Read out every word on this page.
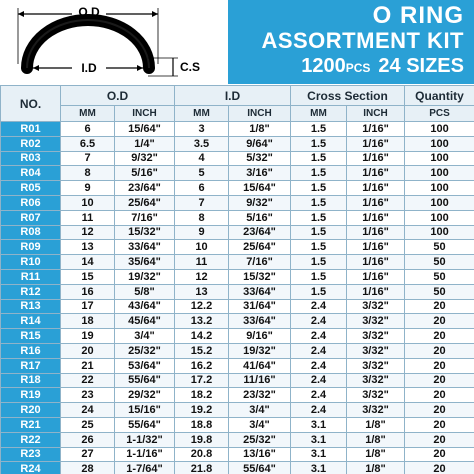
O.D
I.D	C.S
O RING
ASSORTMENT KIT
1200PCS 24 SIZES
NO.	O.D		I.D		Cross Section		Quantity
	MM	INCH	MM	INCH	MM	INCH	PCS
R01	6	15/64"	3	1/8"	1.5	1/16"	100
R02	6.5	1/4"	3.5	9/64"	1.5	1/16"	100
R03	7	9/32"	4	5/32"	1.5	1/16"	100
R04	8	5/16"	5	3/16"	1.5	1/16"	100
R05	9	23/64"	6	15/64"	1.5	1/16"	100
R06	10	25/64"	7	9/32"	1.5	1/16"	100
R07	11	7/16"	8	5/16"	1.5	1/16"	100
R08	12	15/32"	9	23/64"	1.5	1/16"	100
R09	13	33/64"	10	25/64"	1.5	1/16"	50
R10	14	35/64"	11	7/16"	1.5	1/16"	50
R11	15	19/32"	12	15/32"	1.5	1/16"	50
R12	16	5/8"	13	33/64"	1.5	1/16"	50
R13	17	43/64"	12.2	31/64"	2.4	3/32"	20
R14	18	45/64"	13.2	33/64"	2.4	3/32"	20
R15	19	3/4"	14.2	9/16"	2.4	3/32"	20
R16	20	25/32"	15.2	19/32"	2.4	3/32"	20
R17	21	53/64"	16.2	41/64"	2.4	3/32"	20
R18	22	55/64"	17.2	11/16"	2.4	3/32"	20
R19	23	29/32"	18.2	23/32"	2.4	3/32"	20
R20	24	15/16"	19.2	3/4"	2.4	3/32"	20
R21	25	55/64"	18.8	3/4"	3.1	1/8"	20
R22	26	1-1/32"	19.8	25/32"	3.1	1/8"	20
R23	27	1-1/16"	20.8	13/16"	3.1	1/8"	20
R24	28	1-7/64"	21.8	55/64"	3.1	1/8"	20
